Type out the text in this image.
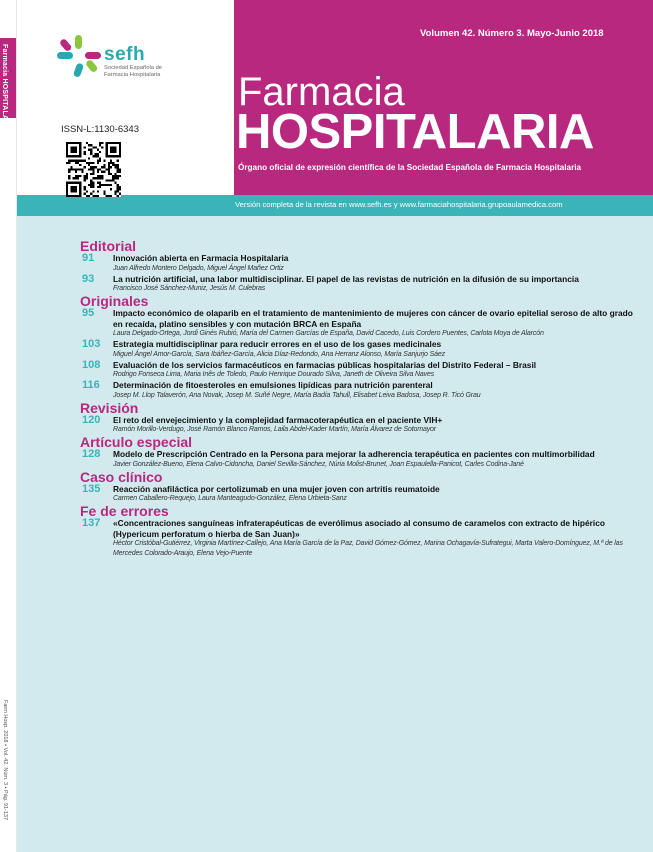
Farmacia HOSPITALARIA
Farm Hosp. 2018 • Vol. 42. Núm. 3 • Pág. 91-137
sefh
Sociedad Española de Farmacia Hospitalaria
ISSN-L:1130-6343
Volumen 42. Número 3. Mayo-Junio 2018
Farmacia
HOSPITALARIA
Órgano oficial de expresión científica de la Sociedad Española de Farmacia Hospitalaria
Versión completa de la revista en www.sefh.es y www.farmaciahospitalaria.grupoaulamedica.com
Editorial
91 Innovación abierta en Farmacia Hospitalaria
Juan Alfredo Montero Delgado, Miguel Ángel Mañez Ortiz
93 La nutrición artificial, una labor multidisciplinar. El papel de las revistas de nutrición en la difusión de su importancia
Francisco José Sánchez-Muniz, Jesús M. Culebras
Originales
95 Impacto económico de olaparib en el tratamiento de mantenimiento de mujeres con cáncer de ovario epitelial seroso de alto grado en recaída, platino sensibles y con mutación BRCA en España
Laura Delgado-Ortega, Jordi Ginés Rubió, María del Carmen Garcías de España, David Cacedo, Luis Cordero Puentes, Carlota Moya de Alarcón
103 Estrategia multidisciplinar para reducir errores en el uso de los gases medicinales
Miguel Ángel Amor-García, Sara Ibáñez-García, Alicia Díaz-Redondo, Ana Herranz Alonso, María Sanjurjo Sáez
108 Evaluación de los servicios farmacéuticos en farmacias públicas hospitalarias del Distrito Federal – Brasil
Rodrigo Fonseca Lima, Maria Inês de Toledo, Paulo Henrique Dourado Silva, Janeth de Oliveira Silva Naves
116 Determinación de fitoesteroles en emulsiones lipídicas para nutrición parenteral
Josep M. Llop Talaverón, Ana Novak, Josep M. Suñé Negre, María Badía Tahull, Elisabet Leiva Badosa, Josep R. Ticó Grau
Revisión
120 El reto del envejecimiento y la complejidad farmacoterapéutica en el paciente VIH+
Ramón Morillo-Verdugo, José Ramón Blanco Ramos, Laila Abdel-Kader Martín, María Álvarez de Sotomayor
Artículo especial
128 Modelo de Prescripción Centrado en la Persona para mejorar la adherencia terapéutica en pacientes con multimorbilidad
Javier González-Bueno, Elena Calvo-Cidoncha, Daniel Sevilla-Sánchez, Núria Molist-Brunet, Joan Espaulella-Panicot, Carles Codina-Jané
Caso clínico
135 Reacción anafiláctica por certolizumab en una mujer joven con artritis reumatoide
Carmen Caballero-Requejo, Laura Manteagudo-González, Elena Urbieta-Sanz
Fe de errores
137 «Concentraciones sanguíneas infraterapéuticas de everólimus asociado al consumo de caramelos con extracto de hipérico (Hypericum perforatum o hierba de San Juan)»
Héctor Cristóbal-Gutiérrez, Virginia Martínez-Callejo, Ana María García de la Paz, David Gómez-Gómez, Marina Ochagavía-Sufrategui, Marta Valero-Domínguez, M.ª de las Mercedes Colorado-Araujo, Elena Vejo-Puente
